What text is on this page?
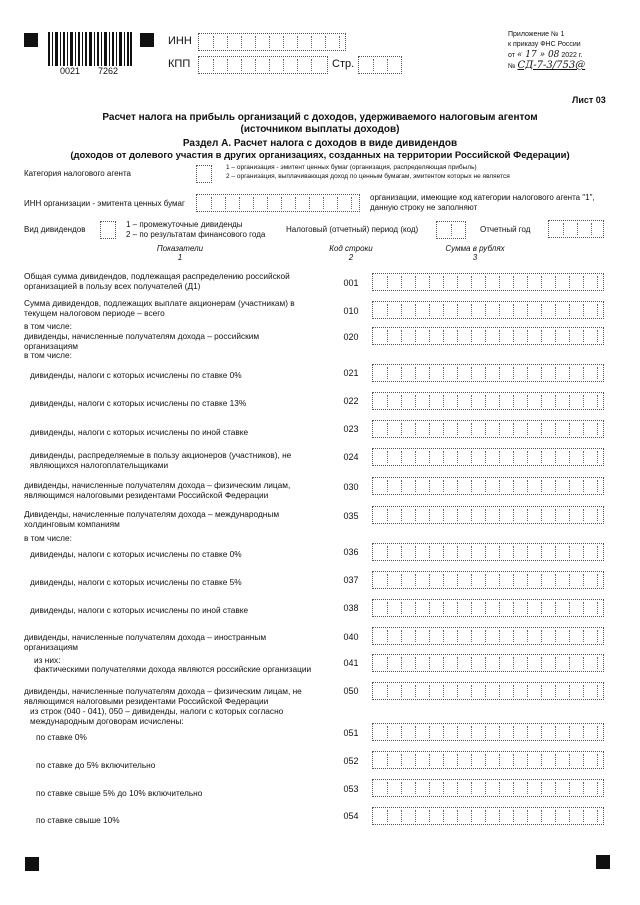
0021 7262
ИНН
КПП	Стр.
Приложение № 1
к приказу ФНС России
от « 17 » 08 2022 г.
№ СД-7-3/753@
Лист 03
Расчет налога на прибыль организаций с доходов, удерживаемого налоговым агентом
(источником выплаты доходов)
Раздел А. Расчет налога с доходов в виде дивидендов
(доходов от долевого участия в других организациях, созданных на территории Российской Федерации)
Категория налогового агента
1 – организация - эмитент ценных бумаг (организация, распределяющая прибыль)
2 – организация, выплачивающая доход по ценным бумагам, эмитентом которых не является
ИНН организации - эмитента ценных бумаг
организации, имеющие код категории налогового агента "1", данную строку не заполняют
Вид дивидендов
1 – промежуточные дивиденды
2 – по результатам финансового года
Налоговый (отчетный) период (код)	Отчетный год
Показатели
1
Код строки
2
Сумма в рублях
3
Общая сумма дивидендов, подлежащая распределению российской организацией в пользу всех получателей (Д1)	001
Сумма дивидендов, подлежащих выплате акционерам (участникам) в текущем налоговом периоде – всего	010
в том числе:
дивиденды, начисленные получателям дохода – российским организациям
020
в том числе:
дивиденды, налоги с которых исчислены по ставке 0%	021
дивиденды, налоги с которых исчислены по ставке 13%	022
дивиденды, налоги с которых исчислены по иной ставке	023
дивиденды, распределяемые в пользу акционеров (участников), не являющихся налогоплательщиками
024
дивиденды, начисленные получателям дохода – физическим лицам, являющимся налоговыми резидентами Российской Федерации
030
Дивиденды, начисленные получателям дохода – международным холдинговым компаниям
035
в том числе:
дивиденды, налоги с которых исчислены по ставке 0%	036
дивиденды, налоги с которых исчислены по ставке 5%	037
дивиденды, налоги с которых исчислены по иной ставке	038
дивиденды, начисленные получателям дохода – иностранным организациям
040
из них:
фактическими получателями дохода являются российские организации
041
дивиденды, начисленные получателям дохода – физическим лицам, не являющимся налоговыми резидентами Российской Федерации
050
из строк (040 - 041), 050 – дивиденды, налоги с которых согласно международным договорам исчислены:
по ставке 0%	051
по ставке до 5% включительно	052
по ставке свыше 5% до 10% включительно	053
по ставке свыше 10%	054
